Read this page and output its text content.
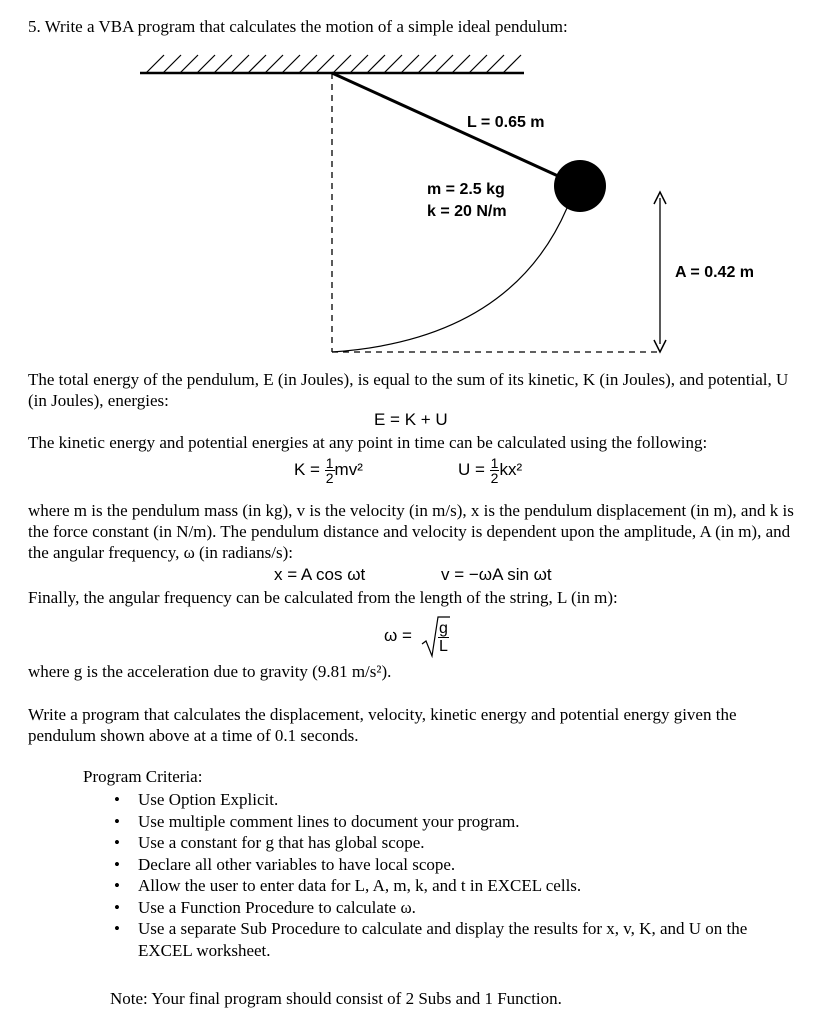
5. Write a VBA program that calculates the motion of a simple ideal pendulum:
L = 0.65 m
m = 2.5 kg
k = 20 N/m
A = 0.42 m
The total energy of the pendulum, E (in Joules), is equal to the sum of its kinetic, K (in Joules), and potential, U (in Joules), energies:
E = K + U
The kinetic energy and potential energies at any point in time can be calculated using the following:
$K = \frac{1}{2} mv^2$	$U = \frac{1}{2} kx^2$
where m is the pendulum mass (in kg), v is the velocity (in m/s), x is the pendulum displacement (in m), and k is the force constant (in N/m). The pendulum distance and velocity is dependent upon the amplitude, A (in m), and the angular frequency, ω (in radians/s):
x = A cos ωt	v = −ωA sin ωt
Finally, the angular frequency can be calculated from the length of the string, L (in m):
$\omega = \frac{g}{L}$
where g is the acceleration due to gravity (9.81 m/s²).
Write a program that calculates the displacement, velocity, kinetic energy and potential energy given the pendulum shown above at a time of 0.1 seconds.
Program Criteria:
• Use Option Explicit.
• Use multiple comment lines to document your program.
• Use a constant for g that has global scope.
• Declare all other variables to have local scope.
• Allow the user to enter data for L, A, m, k, and t in EXCEL cells.
• Use a Function Procedure to calculate ω.
• Use a separate Sub Procedure to calculate and display the results for x, v, K, and U on the EXCEL worksheet.
Note: Your final program should consist of 2 Subs and 1 Function.
